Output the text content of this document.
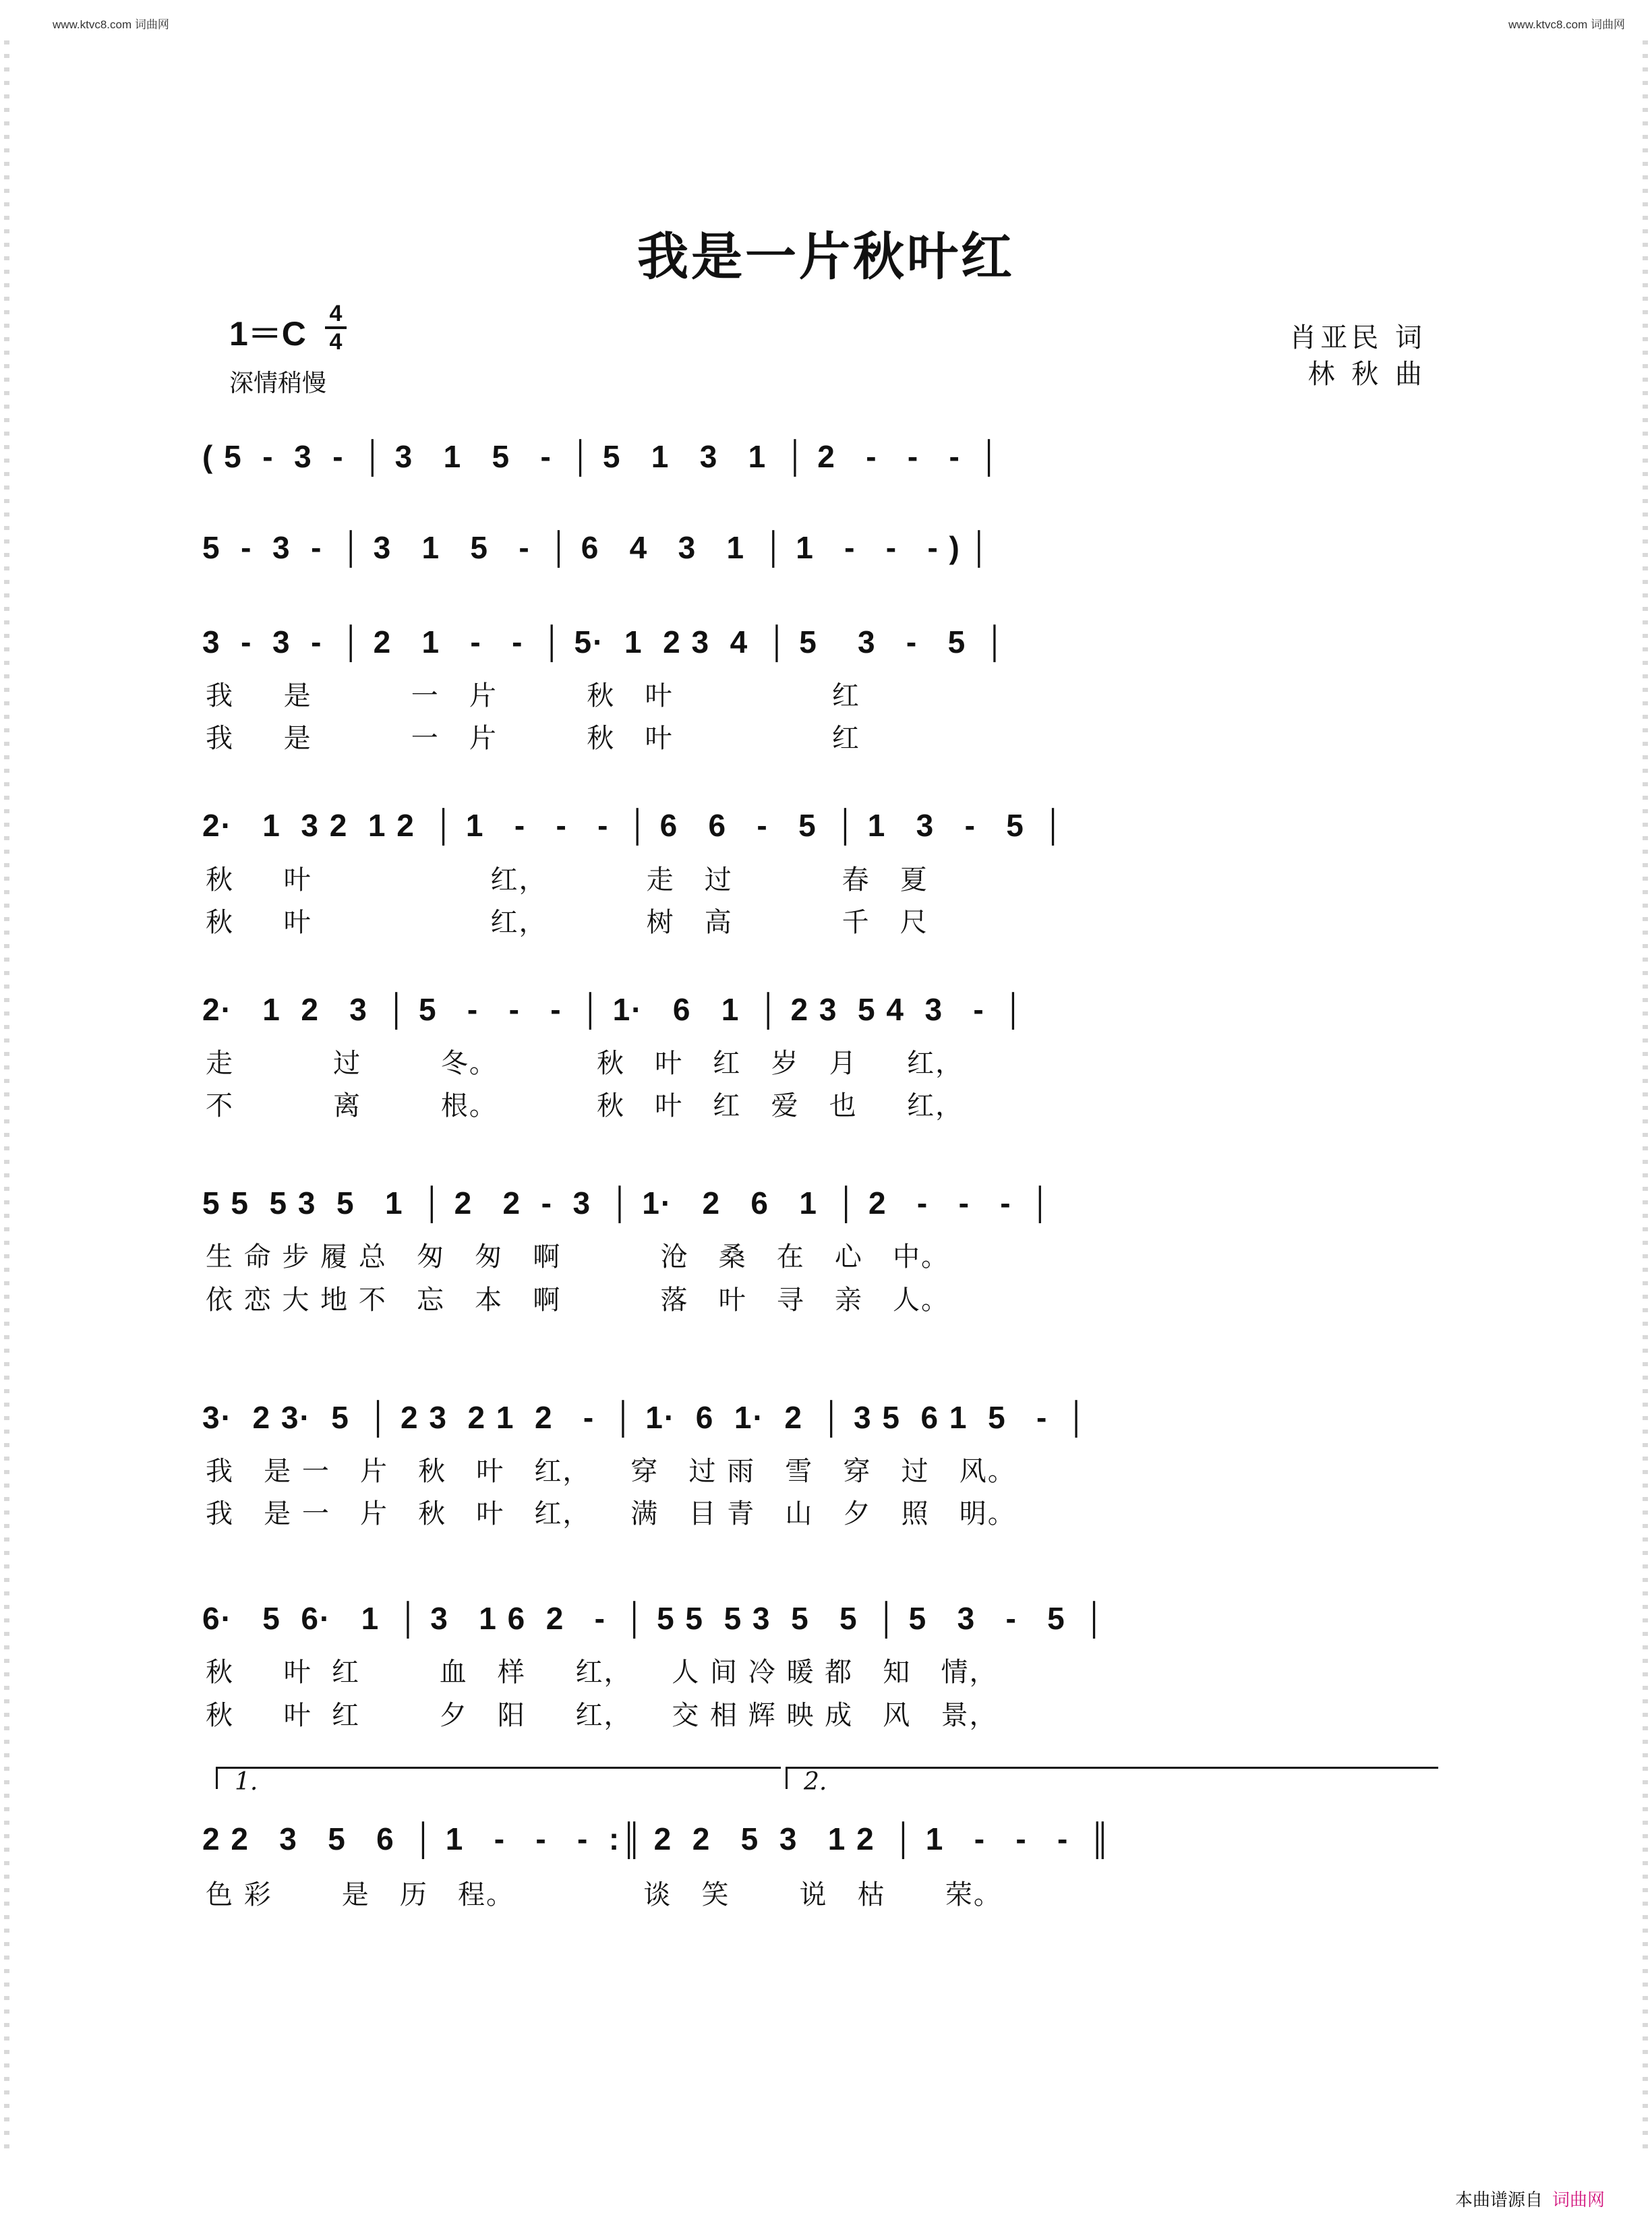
www.ktvc8.com 词曲网	www.ktvc8.com 词曲网
我是一片秋叶红
1＝C
4
4
深情稍慢
肖亚民 词
林 秋 曲
( 5  -  3  -  │ 3   1   5   -  │ 5   1   3   1  │ 2   -   -   -  │
5  -  3  -  │ 3   1   5   -  │ 6   4   3   1  │ 1   -   -   - ) │
3  -  3  -  │ 2   1   -   -  │ 5·  1  2 3  4  │ 5    3   -   5  │
我     是          一   片         秋   叶                红
我     是          一   片         秋   叶                红
2·   1  3 2  1 2  │ 1   -   -   -  │ 6   6   -   5  │ 1   3   -   5  │
秋     叶                  红，          走   过           春   夏
秋     叶                  红，          树   高           千   尺
2·   1  2   3  │ 5   -   -   -  │ 1·   6   1  │ 2 3  5 4  3   -  │
走          过        冬。          秋   叶   红   岁   月     红，
不          离        根。          秋   叶   红   爱   也     红，
5 5  5 3  5   1  │ 2   2  -  3  │ 1·   2   6   1  │ 2   -   -   -  │
生 命 步 履 总   匆   匆   啊          沧   桑   在   心   中。
依 恋 大 地 不   忘   本   啊          落   叶   寻   亲   人。
3·  2 3·  5  │ 2 3  2 1  2   -  │ 1·  6  1·  2  │ 3 5  6 1  5   -  │
我   是 一   片   秋   叶   红，    穿   过 雨   雪   穿   过   风。
我   是 一   片   秋   叶   红，    满   目 青   山   夕   照   明。
6·   5  6·   1  │ 3   1 6  2   -  │ 5 5  5 3  5   5  │ 5   3   -   5  │
秋     叶  红        血   样     红，    人 间 冷 暖 都   知   情，
秋     叶  红        夕   阳     红，    交 相 辉 映 成   风   景，
1.	2.
2 2   3   5   6  │ 1   -   -   -  :║ 2  2   5  3   1 2  │ 1   -   -   -  ║
色 彩       是   历   程。             谈   笑       说   枯      荣。
本曲谱源自 词曲网
